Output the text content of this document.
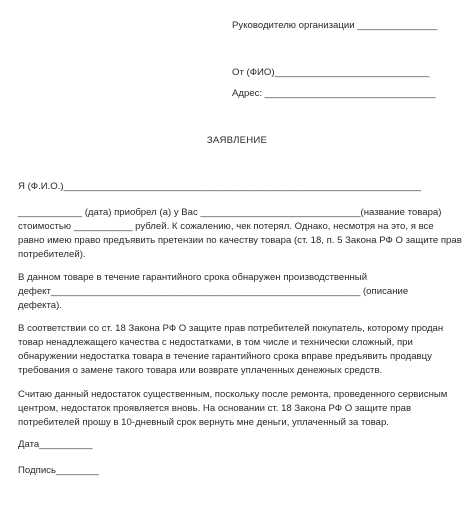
Руководителю организации _______________
От (ФИО)_____________________________
Адрес: ________________________________
ЗАЯВЛЕНИЕ
Я (Ф.И.О.)___________________________________________________________________
____________ (дата) приобрел (а) у Вас ______________________________(название товара)
стоимостью ___________ рублей. К сожалению, чек потерял. Однако, несмотря на это, я все
равно имею право предъявить претензии по качеству товара (ст. 18, п. 5 Закона РФ О защите прав
потребителей).
В данном товаре в течение гарантийного срока обнаружен производственный
дефект__________________________________________________________ (описание
дефекта).
В соответствии со ст. 18 Закона РФ О защите прав потребителей покупатель, которому продан
товар ненадлежащего качества с недостатками, в том числе и технически сложный, при
обнаружении недостатка товара в течение гарантийного срока вправе предъявить продавцу
требования о замене такого товара или возврате уплаченных денежных средств.
Считаю данный недостаток существенным, поскольку после ремонта, проведенного сервисным
центром, недостаток проявляется вновь. На основании ст. 18 Закона РФ О защите прав
потребителей прошу в 10-дневный срок вернуть мне деньги, уплаченный за товар.
Дата__________
Подпись________
